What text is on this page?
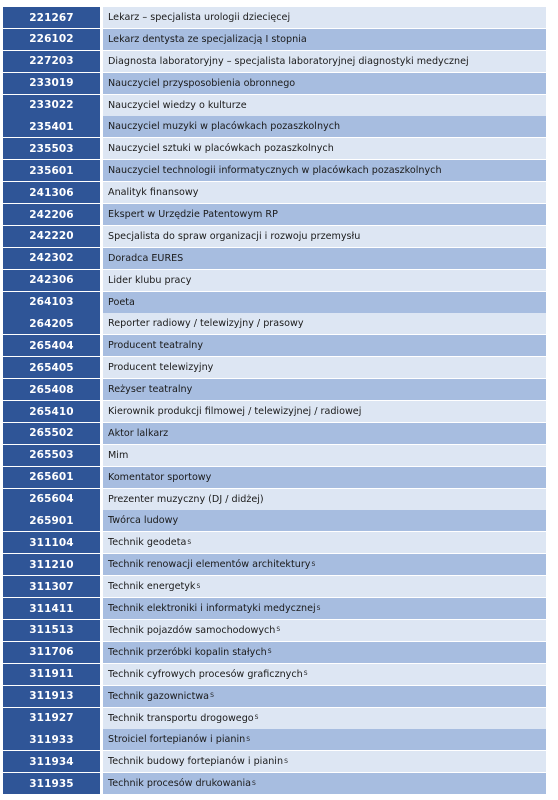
221267	Lekarz – specjalista urologii dziecięcej
226102	Lekarz dentysta ze specjalizacją I stopnia
227203	Diagnosta laboratoryjny – specjalista laboratoryjnej diagnostyki medycznej
233019	Nauczyciel przysposobienia obronnego
233022	Nauczyciel wiedzy o kulturze
235401	Nauczyciel muzyki w placówkach pozaszkolnych
235503	Nauczyciel sztuki w placówkach pozaszkolnych
235601	Nauczyciel technologii informatycznych w placówkach pozaszkolnych
241306	Analityk finansowy
242206	Ekspert w Urzędzie Patentowym RP
242220	Specjalista do spraw organizacji i rozwoju przemysłu
242302	Doradca EURES
242306	Lider klubu pracy
264103	Poeta
264205	Reporter radiowy / telewizyjny / prasowy
265404	Producent teatralny
265405	Producent telewizyjny
265408	Reżyser teatralny
265410	Kierownik produkcji filmowej / telewizyjnej / radiowej
265502	Aktor lalkarz
265503	Mim
265601	Komentator sportowy
265604	Prezenter muzyczny (DJ / didżej)
265901	Twórca ludowy
311104	Technik geodeta S
311210	Technik renowacji elementów architektury S
311307	Technik energetyk S
311411	Technik elektroniki i informatyki medycznej S
311513	Technik pojazdów samochodowych S
311706	Technik przeróbki kopalin stałych S
311911	Technik cyfrowych procesów graficznych S
311913	Technik gazownictwa S
311927	Technik transportu drogowego S
311933	Stroiciel fortepianów i pianin S
311934	Technik budowy fortepianów i pianin S
311935	Technik procesów drukowania S
